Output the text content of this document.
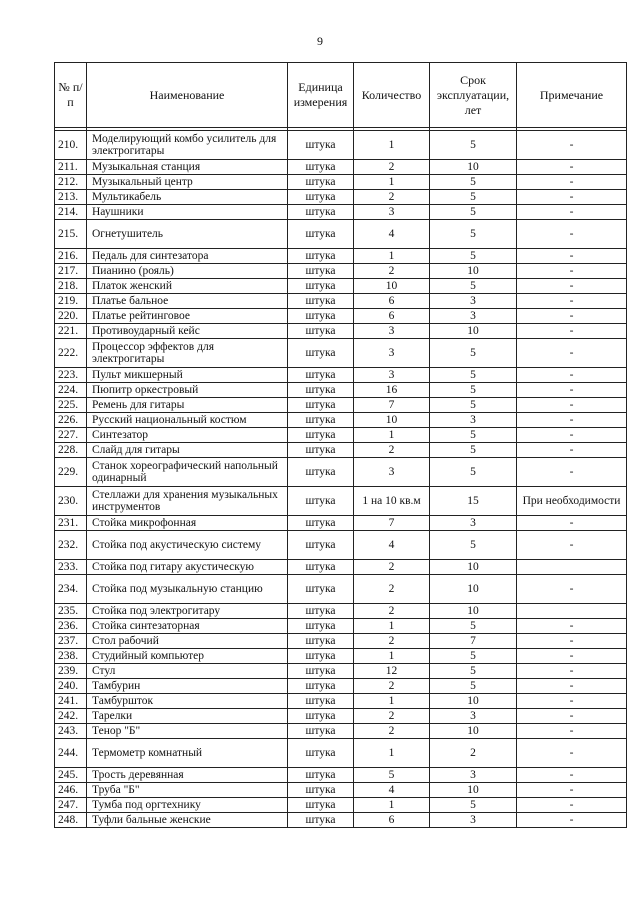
9
№ п/п	Наименование	Единица измерения	Количество	Срок эксплуатации, лет	Примечание

210.	Моделирующий комбо усилитель для электрогитары	штука	1	5	-
211.	Музыкальная станция	штука	2	10	-
212.	Музыкальный центр	штука	1	5	-
213.	Мультикабель	штука	2	5	-
214.	Наушники	штука	3	5	-
215.	Огнетушитель	штука	4	5	-
216.	Педаль для синтезатора	штука	1	5	-
217.	Пианино (рояль)	штука	2	10	-
218.	Платок женский	штука	10	5	-
219.	Платье бальное	штука	6	3	-
220.	Платье рейтинговое	штука	6	3	-
221.	Противоударный кейс	штука	3	10	-
222.	Процессор эффектов для электрогитары	штука	3	5	-
223.	Пульт микшерный	штука	3	5	-
224.	Пюпитр оркестровый	штука	16	5	-
225.	Ремень для гитары	штука	7	5	-
226.	Русский национальный костюм	штука	10	3	-
227.	Синтезатор	штука	1	5	-
228.	Слайд для гитары	штука	2	5	-
229.	Станок хореографический напольный одинарный	штука	3	5	-
230.	Стеллажи для хранения музыкальных инструментов	штука	1 на 10 кв.м	15	При необходимости
231.	Стойка микрофонная	штука	7	3	-
232.	Стойка под акустическую систему	штука	4	5	-
233.	Стойка под гитару акустическую	штука	2	10	
234.	Стойка под музыкальную станцию	штука	2	10	-
235.	Стойка под электрогитару	штука	2	10	
236.	Стойка синтезаторная	штука	1	5	-
237.	Стол рабочий	штука	2	7	-
238.	Студийный компьютер	штука	1	5	-
239.	Стул	штука	12	5	-
240.	Тамбурин	штука	2	5	-
241.	Тамбуршток	штука	1	10	-
242.	Тарелки	штука	2	3	-
243.	Тенор "Б"	штука	2	10	-
244.	Термометр комнатный	штука	1	2	-
245.	Трость деревянная	штука	5	3	-
246.	Труба "Б"	штука	4	10	-
247.	Тумба под оргтехнику	штука	1	5	-
248.	Туфли бальные женские	штука	6	3	-
